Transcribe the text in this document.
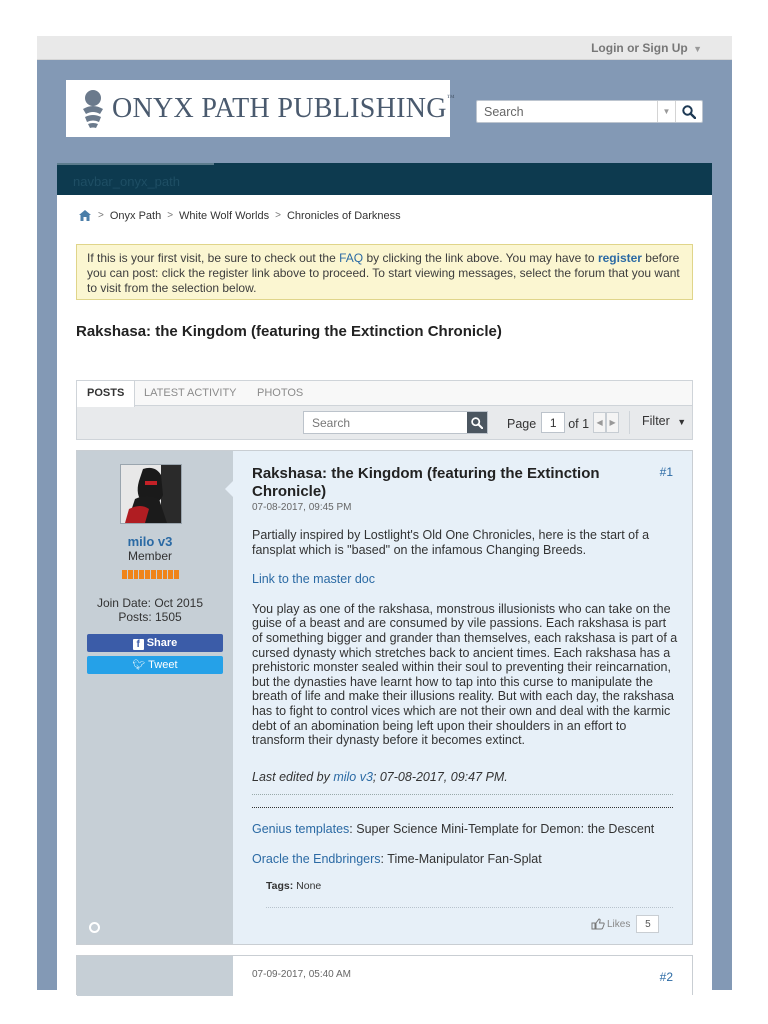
Login or Sign Up ▼
ONYX PATH PUBLISHING™
Search
▼
navbar_onyx_path
> Onyx Path > White Wolf Worlds > Chronicles of Darkness
If this is your first visit, be sure to check out the FAQ by clicking the link above. You may have to register before you can post: click the register link above to proceed. To start viewing messages, select the forum that you want to visit from the selection below.
Rakshasa: the Kingdom (featuring the Extinction Chronicle)
POSTS	LATEST ACTIVITY PHOTOS
Search
Page	1 of 1 ◀ ▶ Filter ▼
milo v3
Member
Join Date: Oct 2015
Posts: 1505
f Share
🐦︎ Tweet
Rakshasa: the Kingdom (featuring the Extinction Chronicle)
#1
07-08-2017, 09:45 PM

Partially inspired by Lostlight's Old One Chronicles, here is the start of a fansplat which is "based" on the infamous Changing Breeds.

Link to the master doc

You play as one of the rakshasa, monstrous illusionists who can take on the guise of a beast and are consumed by vile passions. Each rakshasa is part of something bigger and grander than themselves, each rakshasa is part of a cursed dynasty which stretches back to ancient times. Each rakshasa has a prehistoric monster sealed within their soul to preventing their reincarnation, but the dynasties have learnt how to tap into this curse to manipulate the breath of life and make their illusions reality. But with each day, the rakshasa has to fight to control vices which are not their own and deal with the karmic debt of an abomination being left upon their shoulders in an effort to transform their dynasty before it becomes extinct.

Last edited by milo v3; 07-08-2017, 09:47 PM.

Genius templates: Super Science Mini-Template for Demon: the Descent
Oracle the Endbringers: Time-Manipulator Fan-Splat
Tags: None
Likes	5
07-09-2017, 05:40 AM	#2
